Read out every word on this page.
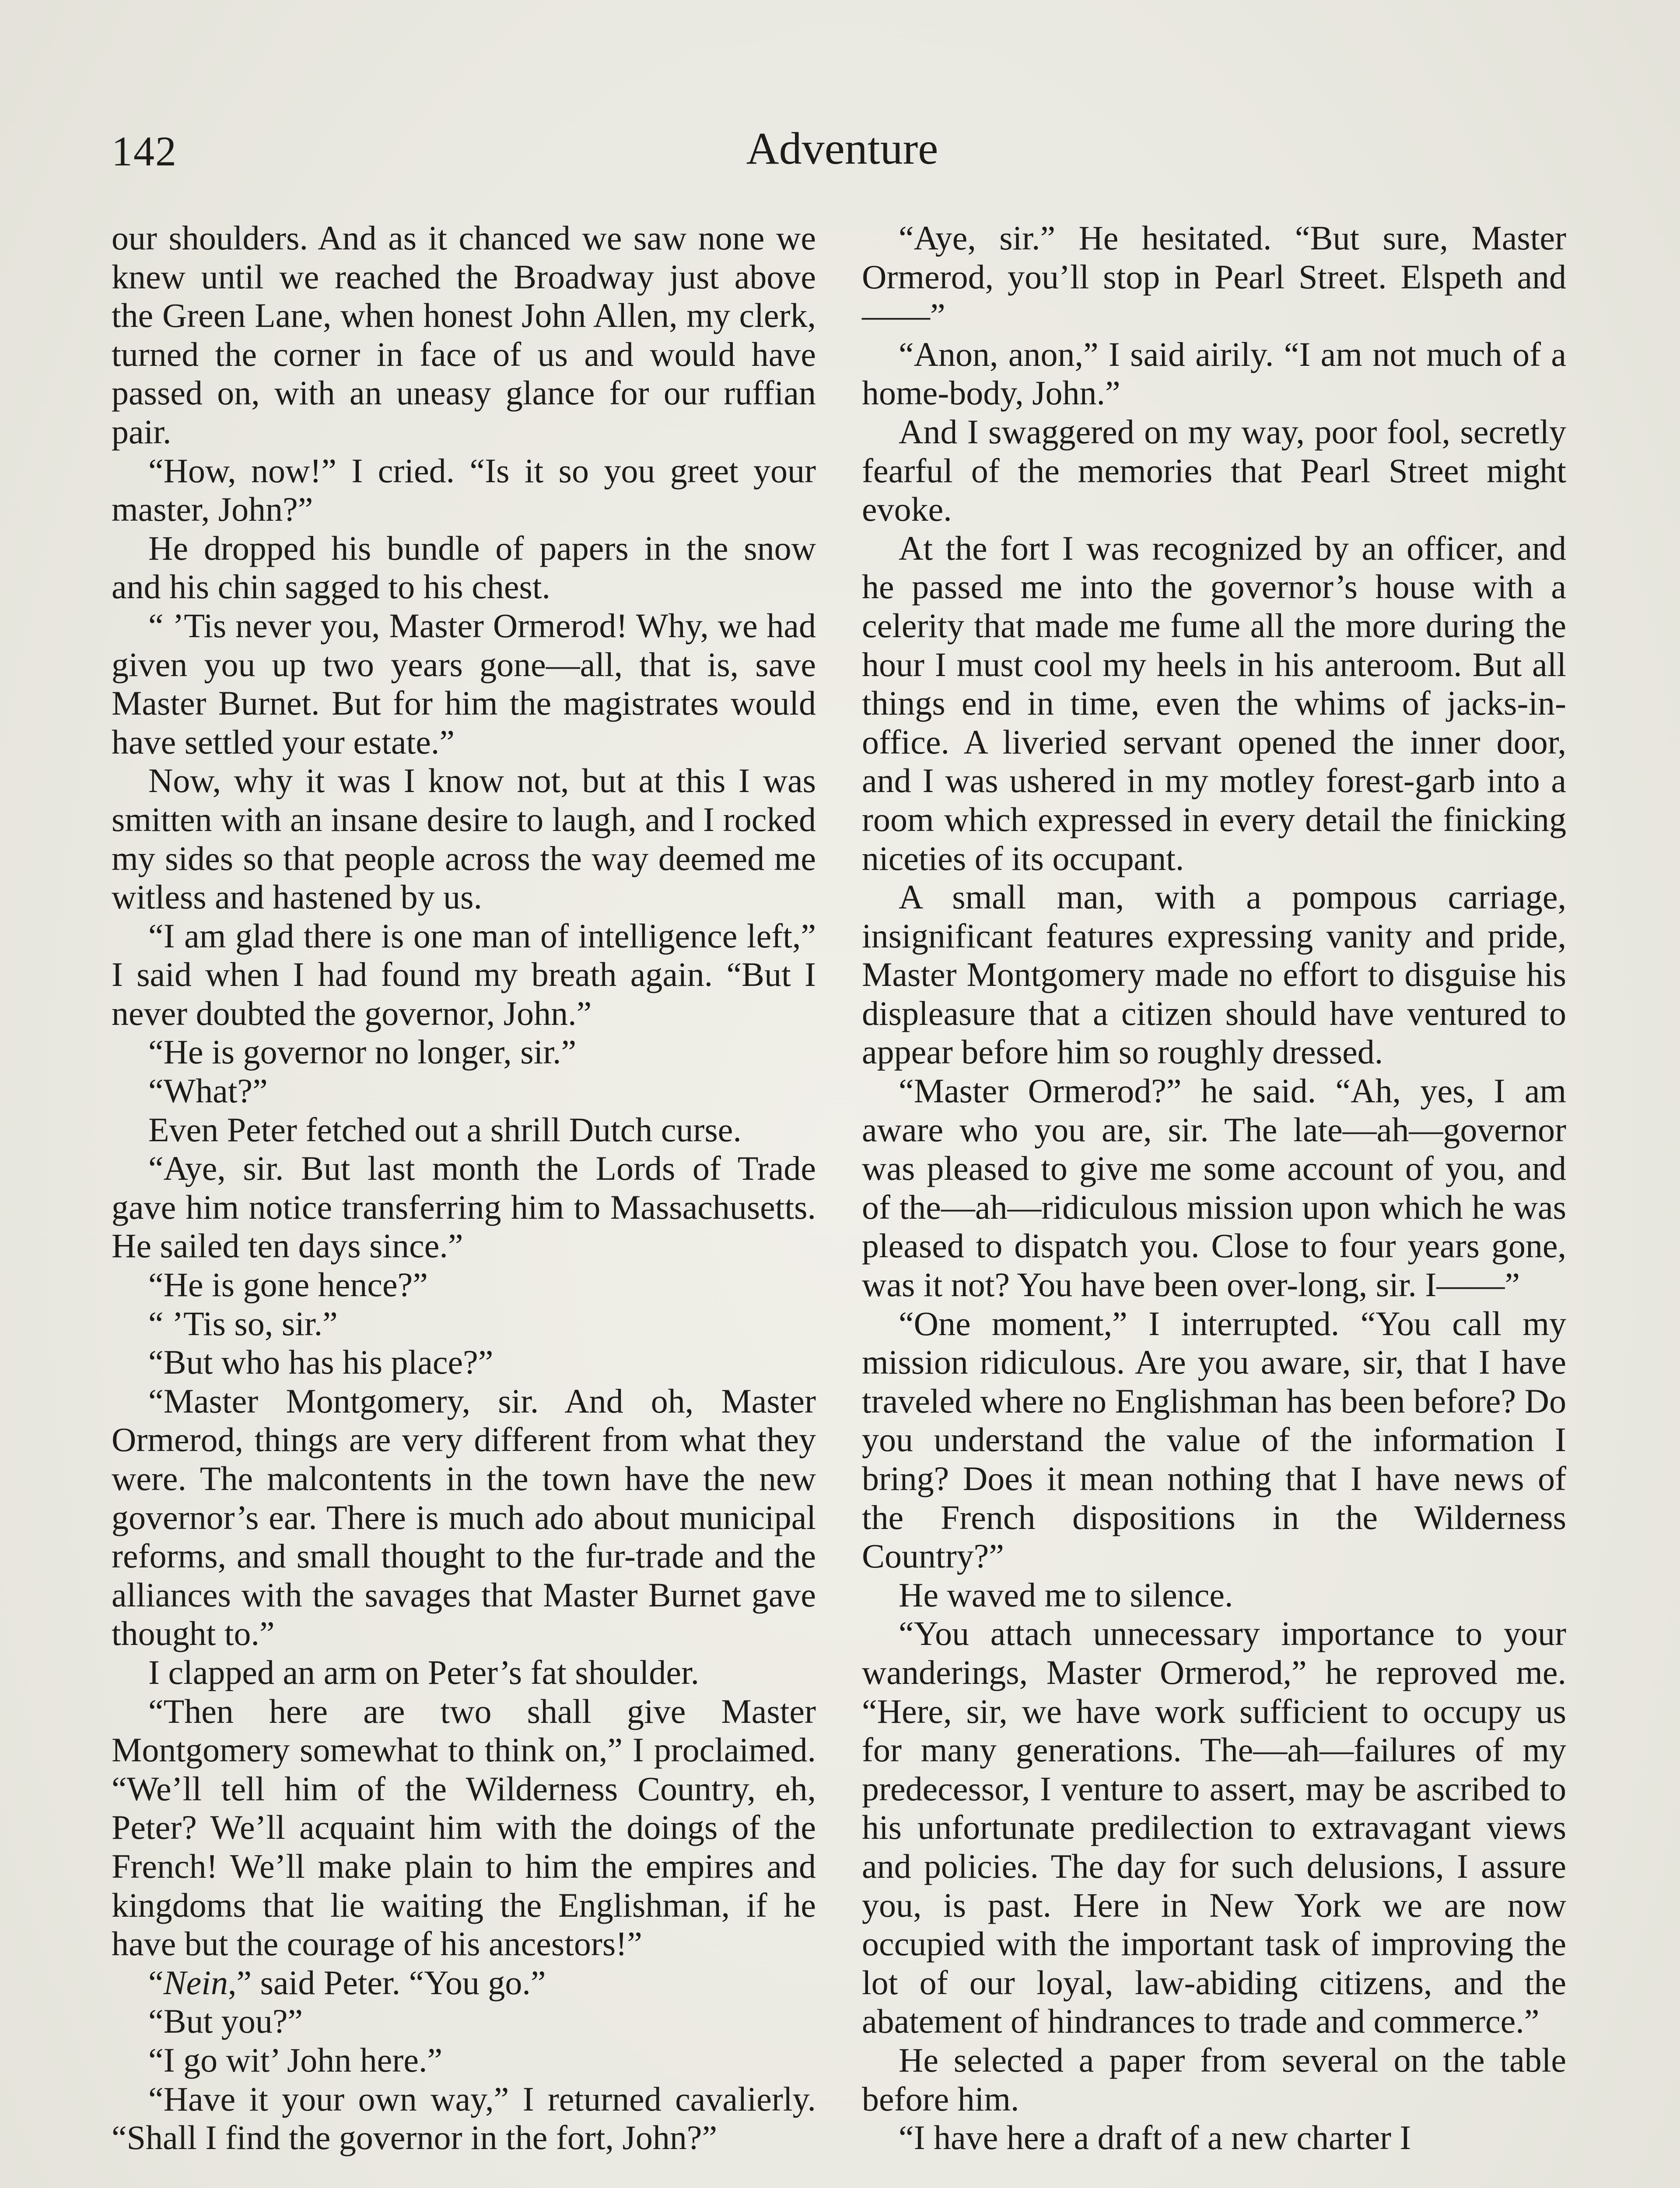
142	Adventure

our shoulders. And as it chanced we saw none we knew until we reached the Broadway just above the Green Lane, when honest John Allen, my clerk, turned the corner in face of us and would have passed on, with an uneasy glance for our ruffian pair.

“How, now!” I cried. “Is it so you greet your master, John?”

He dropped his bundle of papers in the snow and his chin sagged to his chest.

“ ’Tis never you, Master Ormerod! Why, we had given you up two years gone—all, that is, save Master Burnet. But for him the magistrates would have settled your estate.”

Now, why it was I know not, but at this I was smitten with an insane desire to laugh, and I rocked my sides so that people across the way deemed me witless and hastened by us.

“I am glad there is one man of intelligence left,” I said when I had found my breath again. “But I never doubted the governor, John.”

“He is governor no longer, sir.”

“What?”

Even Peter fetched out a shrill Dutch curse.

“Aye, sir. But last month the Lords of Trade gave him notice transferring him to Massachusetts. He sailed ten days since.”

“He is gone hence?”

“ ’Tis so, sir.”

“But who has his place?”

“Master Montgomery, sir. And oh, Master Ormerod, things are very different from what they were. The malcontents in the town have the new governor’s ear. There is much ado about municipal reforms, and small thought to the fur-trade and the alliances with the savages that Master Burnet gave thought to.”

I clapped an arm on Peter’s fat shoulder.

“Then here are two shall give Master Montgomery somewhat to think on,” I proclaimed. “We’ll tell him of the Wilderness Country, eh, Peter? We’ll acquaint him with the doings of the French! We’ll make plain to him the empires and kingdoms that lie waiting the Englishman, if he have but the courage of his ancestors!”

“Nein,” said Peter. “You go.”

“But you?”

“I go wit’ John here.”

“Have it your own way,” I returned cavalierly. “Shall I find the governor in the fort, John?”

“Aye, sir.” He hesitated. “But sure, Master Ormerod, you’ll stop in Pearl Street. Elspeth and——”

“Anon, anon,” I said airily. “I am not much of a home-body, John.”

And I swaggered on my way, poor fool, secretly fearful of the memories that Pearl Street might evoke.

At the fort I was recognized by an officer, and he passed me into the governor’s house with a celerity that made me fume all the more during the hour I must cool my heels in his anteroom. But all things end in time, even the whims of jacks-in-office. A liveried servant opened the inner door, and I was ushered in my motley forest-garb into a room which expressed in every detail the finicking niceties of its occupant.

A small man, with a pompous carriage, insignificant features expressing vanity and pride, Master Montgomery made no effort to disguise his displeasure that a citizen should have ventured to appear before him so roughly dressed.

“Master Ormerod?” he said. “Ah, yes, I am aware who you are, sir. The late—ah—governor was pleased to give me some account of you, and of the—ah—ridiculous mission upon which he was pleased to dispatch you. Close to four years gone, was it not? You have been over-long, sir. I——”

“One moment,” I interrupted. “You call my mission ridiculous. Are you aware, sir, that I have traveled where no Englishman has been before? Do you understand the value of the information I bring? Does it mean nothing that I have news of the French dispositions in the Wilderness Country?”

He waved me to silence.

“You attach unnecessary importance to your wanderings, Master Ormerod,” he reproved me. “Here, sir, we have work sufficient to occupy us for many generations. The—ah—failures of my predecessor, I venture to assert, may be ascribed to his unfortunate predilection to extravagant views and policies. The day for such delusions, I assure you, is past. Here in New York we are now occupied with the important task of improving the lot of our loyal, law-abiding citizens, and the abatement of hindrances to trade and commerce.”

He selected a paper from several on the table before him.

“I have here a draft of a new charter I
